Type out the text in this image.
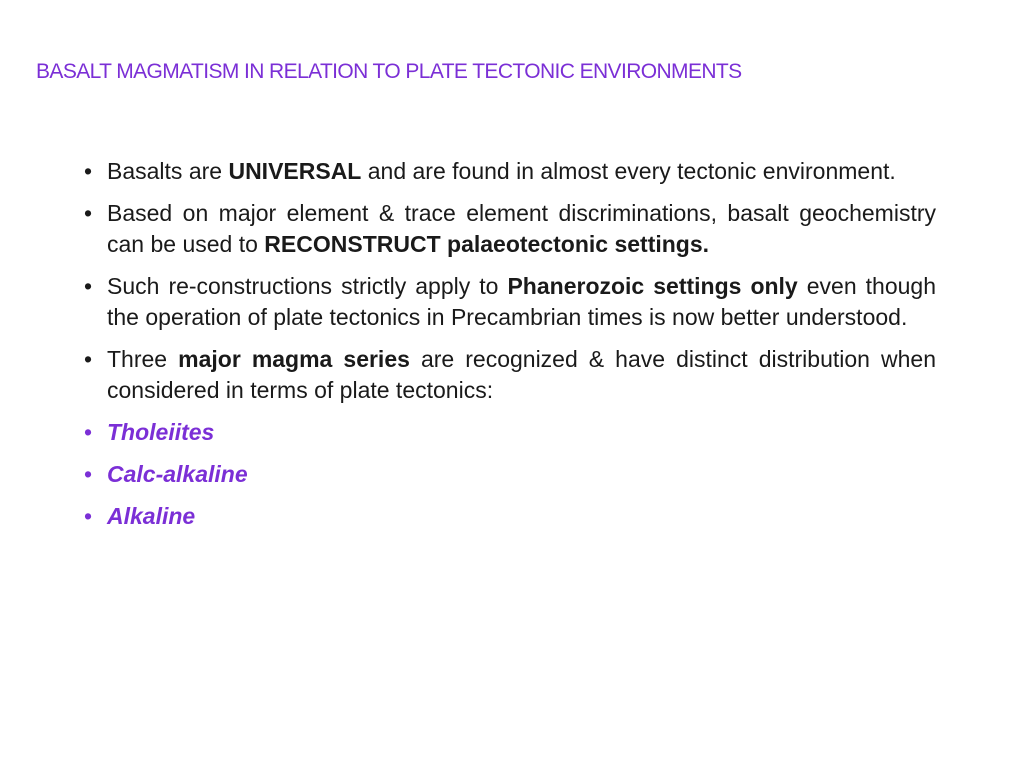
BASALT MAGMATISM IN RELATION TO PLATE TECTONIC ENVIRONMENTS
• Basalts are UNIVERSAL and are found in almost every tectonic environment.
• Based on major element & trace element discriminations, basalt geochemistry can be used to RECONSTRUCT palaeotectonic settings.
• Such re-constructions strictly apply to Phanerozoic settings only even though the operation of plate tectonics in Precambrian times is now better understood.
• Three major magma series are recognized & have distinct distribution when considered in terms of plate tectonics:
• Tholeiites
• Calc-alkaline
• Alkaline
